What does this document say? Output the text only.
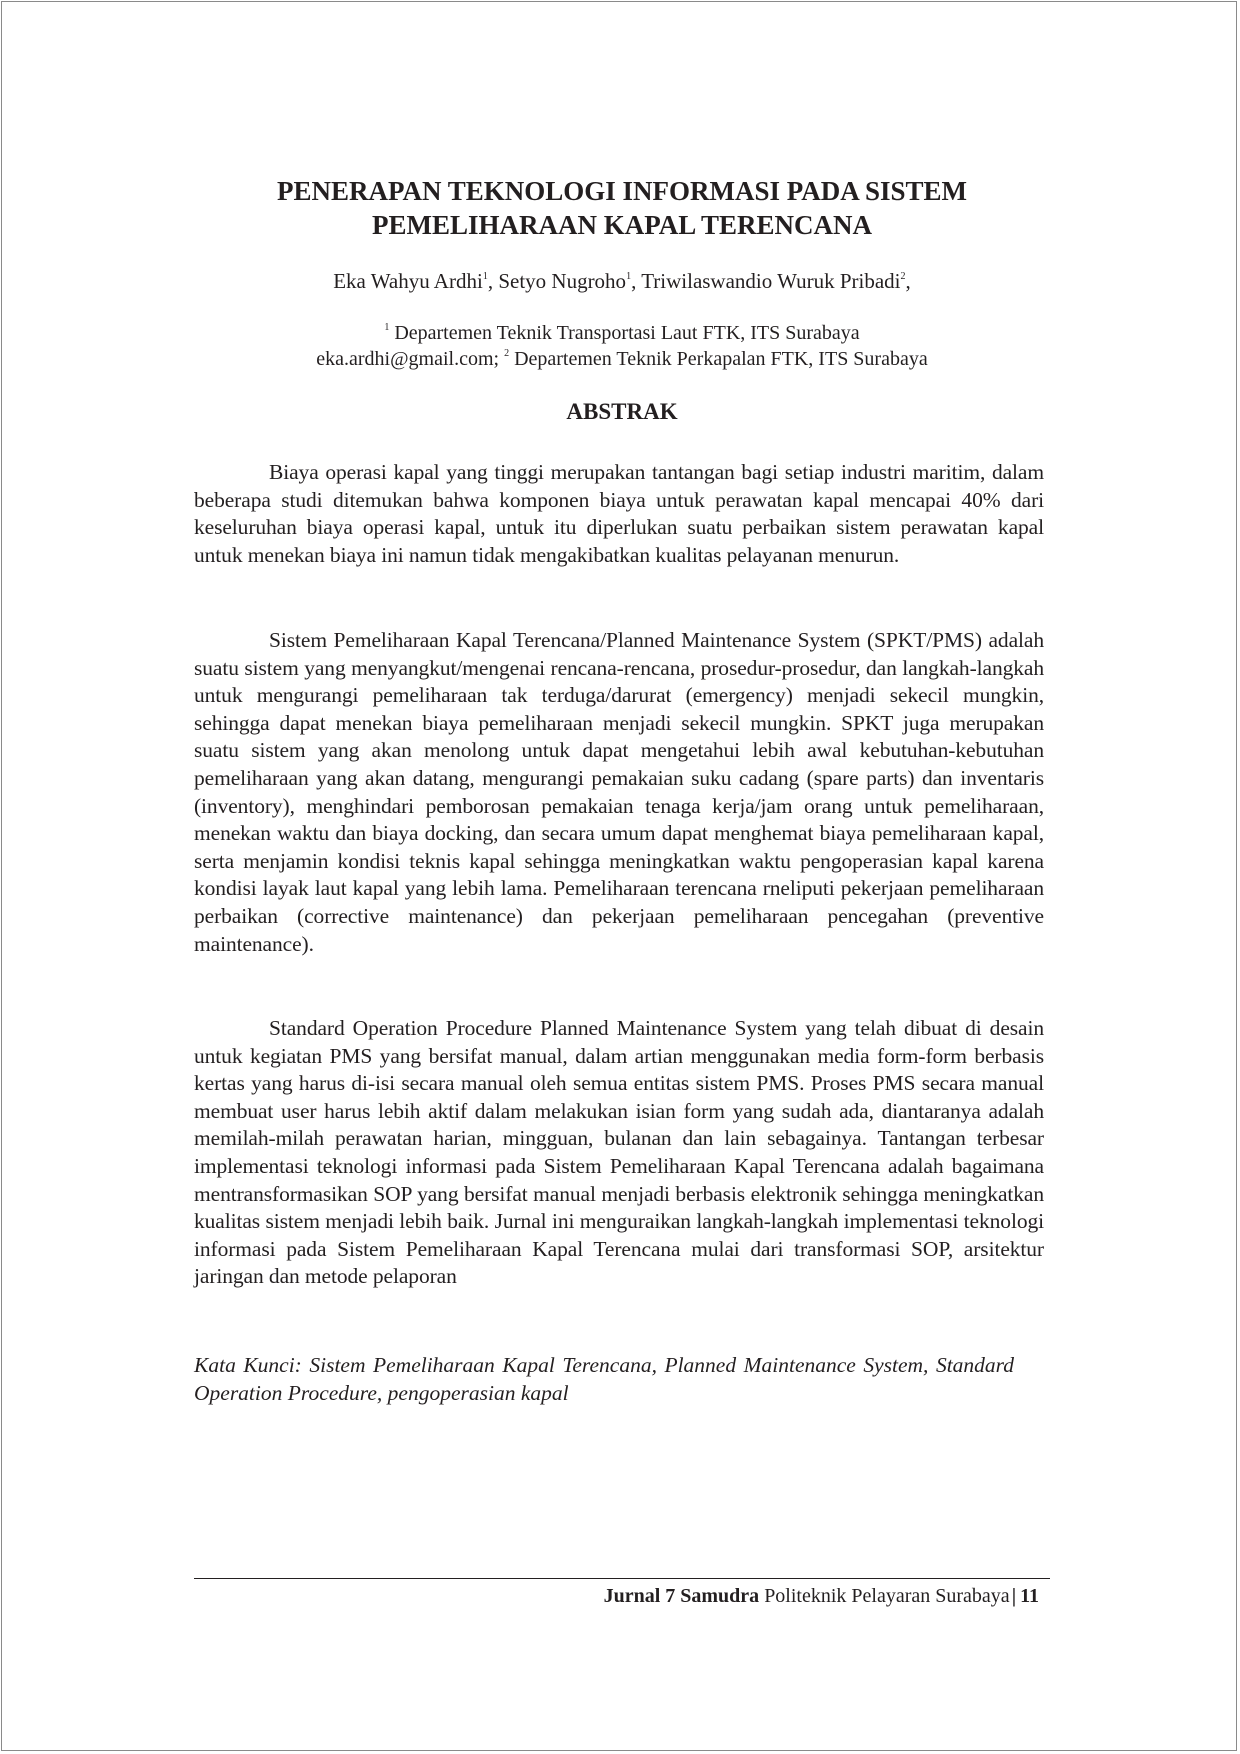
PENERAPAN TEKNOLOGI INFORMASI PADA SISTEM
PEMELIHARAAN KAPAL TERENCANA
Eka Wahyu Ardhi$^1$, Setyo Nugroho$^1$, Triwilaswandio Wuruk Pribadi$^2$,
$^1$ Departemen Teknik Transportasi Laut FTK, ITS Surabaya
eka.ardhi@gmail.com; $^2$ Departemen Teknik Perkapalan FTK, ITS Surabaya
ABSTRAK

Biaya operasi kapal yang tinggi merupakan tantangan bagi setiap industri maritim, dalam beberapa studi ditemukan bahwa komponen biaya untuk perawatan kapal mencapai 40% dari keseluruhan biaya operasi kapal, untuk itu diperlukan suatu perbaikan sistem perawatan kapal untuk menekan biaya ini namun tidak mengakibatkan kualitas pelayanan menurun.

Sistem Pemeliharaan Kapal Terencana/Planned Maintenance System (SPKT/PMS) adalah suatu sistem yang menyangkut/mengenai rencana-rencana, prosedur-prosedur, dan langkah-langkah untuk mengurangi pemeliharaan tak terduga/darurat (emergency) menjadi sekecil mungkin, sehingga dapat menekan biaya pemeliharaan menjadi sekecil mungkin. SPKT juga merupakan suatu sistem yang akan menolong untuk dapat mengetahui lebih awal kebutuhan-kebutuhan pemeliharaan yang akan datang, mengurangi pemakaian suku cadang (spare parts) dan inventaris (inventory), menghindari pemborosan pemakaian tenaga kerja/jam orang untuk pemeliharaan, menekan waktu dan biaya docking, dan secara umum dapat menghemat biaya pemeliharaan kapal, serta menjamin kondisi teknis kapal sehingga meningkatkan waktu pengoperasian kapal karena kondisi layak laut kapal yang lebih lama. Pemeliharaan terencana rneliputi pekerjaan pemeliharaan perbaikan (corrective maintenance) dan pekerjaan pemeliharaan pencegahan (preventive maintenance).

Standard Operation Procedure Planned Maintenance System yang telah dibuat di desain untuk kegiatan PMS yang bersifat manual, dalam artian menggunakan media form-form berbasis kertas yang harus di-isi secara manual oleh semua entitas sistem PMS. Proses PMS secara manual membuat user harus lebih aktif dalam melakukan isian form yang sudah ada, diantaranya adalah memilah-milah perawatan harian, mingguan, bulanan dan lain sebagainya. Tantangan terbesar implementasi teknologi informasi pada Sistem Pemeliharaan Kapal Terencana adalah bagaimana mentransformasikan SOP yang bersifat manual menjadi berbasis elektronik sehingga meningkatkan kualitas sistem menjadi lebih baik. Jurnal ini menguraikan langkah-langkah implementasi teknologi informasi pada Sistem Pemeliharaan Kapal Terencana mulai dari transformasi SOP, arsitektur jaringan dan metode pelaporan

Kata Kunci: Sistem Pemeliharaan Kapal Terencana, Planned Maintenance System, Standard Operation Procedure, pengoperasian kapal
Jurnal 7 Samudra Politeknik Pelayaran Surabaya | 11
